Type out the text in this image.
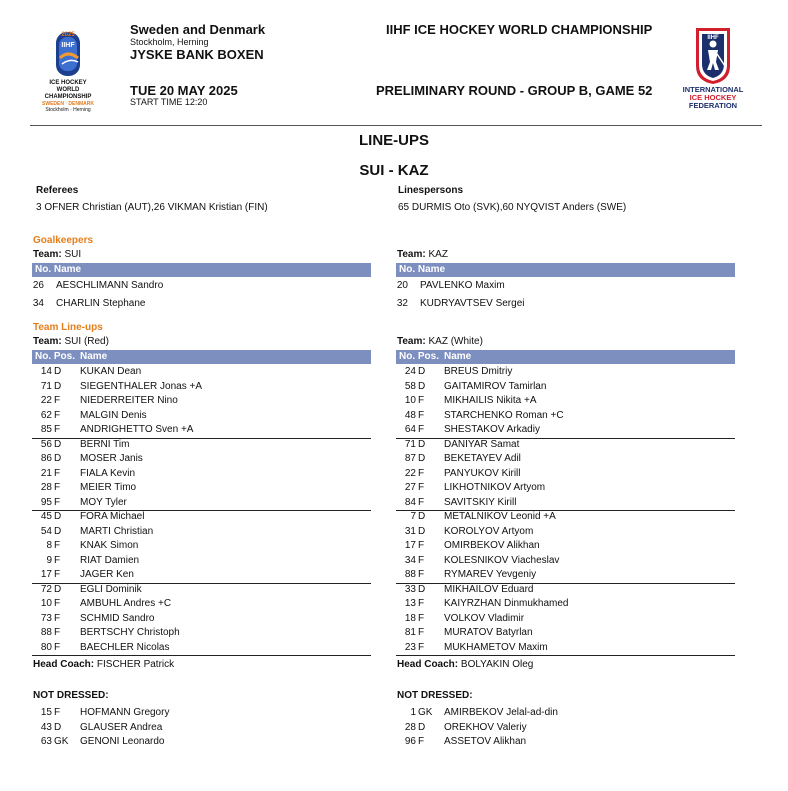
2025
IIHF
ICE HOCKEY
WORLD
CHAMPIONSHIP
SWEDEN · DENMARK
Stockholm · Herning
Sweden and Denmark
Stockholm, Herning
JYSKE BANK BOXEN
TUE 20 MAY 2025
START TIME 12:20
IIHF ICE HOCKEY WORLD CHAMPIONSHIP
PRELIMINARY ROUND - GROUP B, GAME 52
IIHF
INTERNATIONAL
ICE HOCKEY
FEDERATION
LINE-UPS
SUI - KAZ
Referees
3 OFNER Christian (AUT),26 VIKMAN Kristian (FIN)
Linespersons
65 DURMIS Oto (SVK),60 NYQVIST Anders (SWE)
Goalkeepers
Team: SUI	Team: KAZ
No. Name	No. Name
26 AESCHLIMANN Sandro
34 CHARLIN Stephane
20 PAVLENKO Maxim
32 KUDRYAVTSEV Sergei
Team Line-ups
Team: SUI (Red)	Team: KAZ (White)
No. Pos. Name	No. Pos. Name
14 D KUKAN Dean
71 D SIEGENTHALER Jonas +A
22 F NIEDERREITER Nino
62 F MALGIN Denis
85 F ANDRIGHETTO Sven +A
56 D BERNI Tim
86 D MOSER Janis
21 F FIALA Kevin
28 F MEIER Timo
95 F MOY Tyler
45 D FORA Michael
54 D MARTI Christian
8 F KNAK Simon
9 F RIAT Damien
17 F JAGER Ken
72 D EGLI Dominik
10 F AMBUHL Andres +C
73 F SCHMID Sandro
88 F BERTSCHY Christoph
80 F BAECHLER Nicolas
24 D BREUS Dmitriy
58 D GAITAMIROV Tamirlan
10 F MIKHAILIS Nikita +A
48 F STARCHENKO Roman +C
64 F SHESTAKOV Arkadiy
71 D DANIYAR Samat
87 D BEKETAYEV Adil
22 F PANYUKOV Kirill
27 F LIKHOTNIKOV Artyom
84 F SAVITSKIY Kirill
7 D METALNIKOV Leonid +A
31 D KOROLYOV Artyom
17 F OMIRBEKOV Alikhan
34 F KOLESNIKOV Viacheslav
88 F RYMAREV Yevgeniy
33 D MIKHAILOV Eduard
13 F KAIYRZHAN Dinmukhamed
18 F VOLKOV Vladimir
81 F MURATOV Batyrlan
23 F MUKHAMETOV Maxim
Head Coach: FISCHER Patrick	Head Coach: BOLYAKIN Oleg
NOT DRESSED:	NOT DRESSED:
15 F HOFMANN Gregory
43 D GLAUSER Andrea
63 GK GENONI Leonardo
1 GK AMIRBEKOV Jelal-ad-din
28 D OREKHOV Valeriy
96 F ASSETOV Alikhan
